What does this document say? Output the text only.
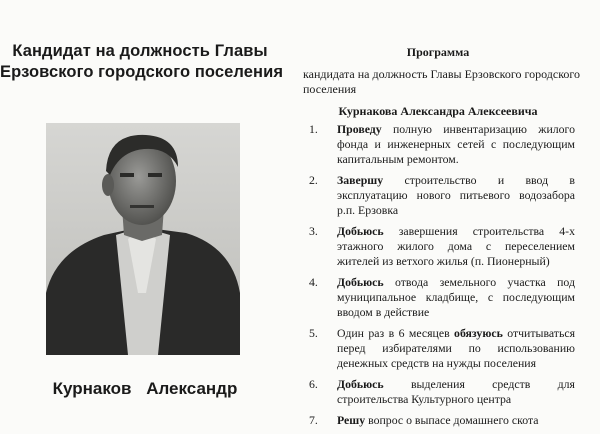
Кандидат на должность Главы
Ерзовского городского поселения
Курнаков Александр
Программа
кандидата на должность Главы Ерзовского городского поселения
Курнакова Александра Алексеевича
1. Проведу полную инвентаризацию жилого фонда и инженерных сетей с последующим капитальным ремонтом.
2. Завершу строительство и ввод в эксплуатацию нового питьевого водозабора р.п. Ерзовка
3. Добьюсь завершения строительства 4-х этажного жилого дома с переселением жителей из ветхого жилья (п. Пионерный)
4. Добьюсь отвода земельного участка под муниципальное кладбище, с последующим вводом в действие
5. Один раз в 6 месяцев обязуюсь отчитываться перед избирателями по использованию денежных средств на нужды поселения
6. Добьюсь выделения средств для строительства Культурного центра
7. Решу вопрос о выпасе домашнего скота
